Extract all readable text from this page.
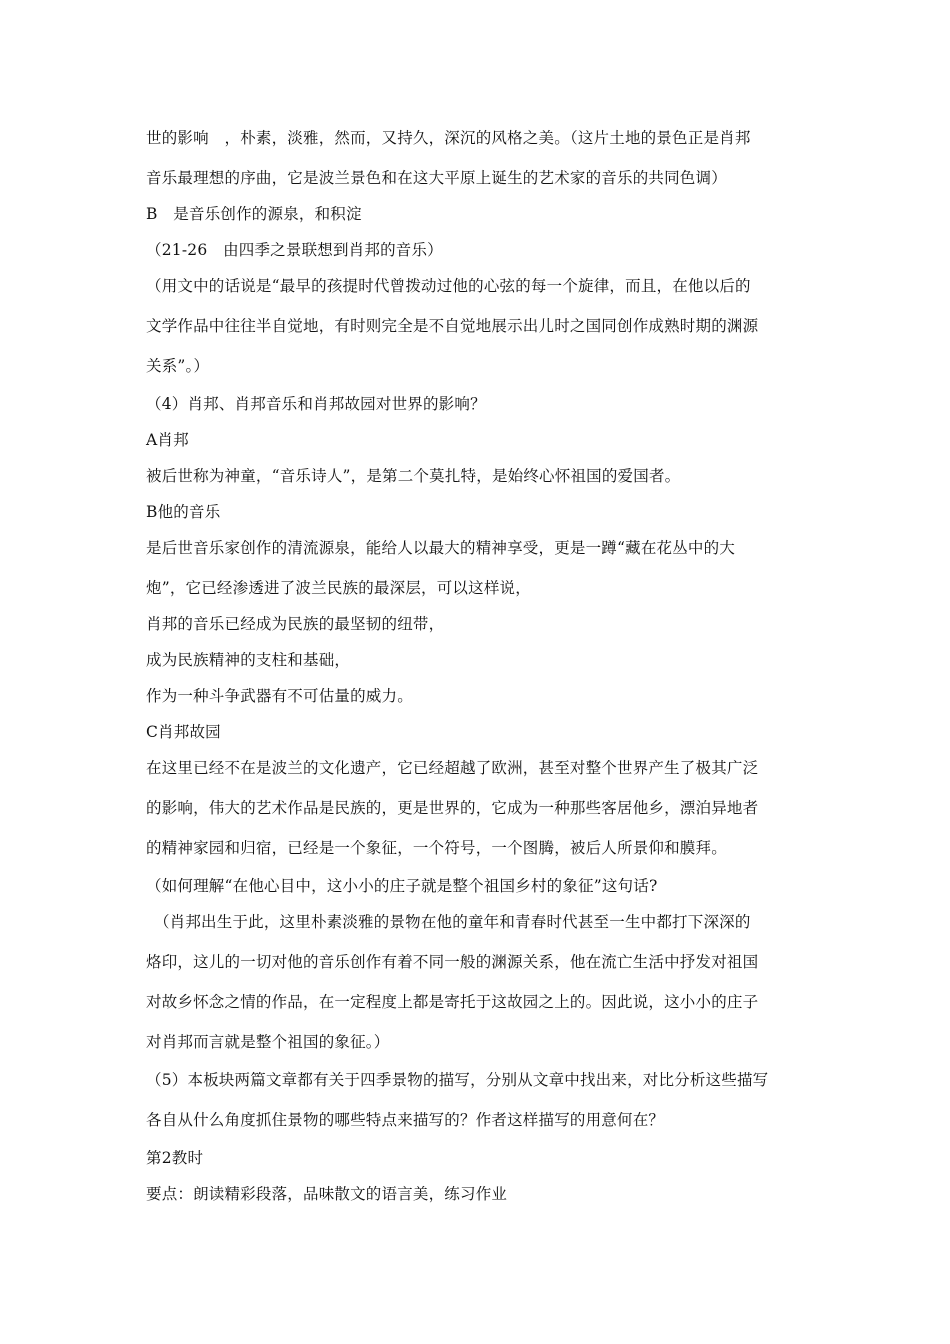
世的影响　，朴素，淡雅，然而，又持久，深沉的风格之美。（这片土地的景色正是肖邦
音乐最理想的序曲，它是波兰景色和在这大平原上诞生的艺术家的音乐的共同色调）
B　是音乐创作的源泉，和积淀
（21-26　由四季之景联想到肖邦的音乐）
（用文中的话说是“最早的孩提时代曾拨动过他的心弦的每一个旋律，而且，在他以后的
文学作品中往往半自觉地，有时则完全是不自觉地展示出儿时之国同创作成熟时期的渊源
关系”。）
（4）肖邦、肖邦音乐和肖邦故园对世界的影响？
A肖邦
被后世称为神童，“音乐诗人”，是第二个莫扎特，是始终心怀祖国的爱国者。
B他的音乐
是后世音乐家创作的清流源泉，能给人以最大的精神享受，更是一蹲“藏在花丛中的大
炮”，它已经渗透进了波兰民族的最深层，可以这样说，
肖邦的音乐已经成为民族的最坚韧的纽带，
成为民族精神的支柱和基础，
作为一种斗争武器有不可估量的威力。
C肖邦故园
在这里已经不在是波兰的文化遗产，它已经超越了欧洲，甚至对整个世界产生了极其广泛
的影响，伟大的艺术作品是民族的，更是世界的，它成为一种那些客居他乡，漂泊异地者
的精神家园和归宿，已经是一个象征，一个符号，一个图腾，被后人所景仰和膜拜。
（如何理解“在他心目中，这小小的庄子就是整个祖国乡村的象征”这句话?
　（肖邦出生于此，这里朴素淡雅的景物在他的童年和青春时代甚至一生中都打下深深的
烙印，这儿的一切对他的音乐创作有着不同一般的渊源关系，他在流亡生活中抒发对祖国
对故乡怀念之情的作品，在一定程度上都是寄托于这故园之上的。因此说，这小小的庄子
对肖邦而言就是整个祖国的象征。）
（5）本板块两篇文章都有关于四季景物的描写，分别从文章中找出来，对比分析这些描写
各自从什么角度抓住景物的哪些特点来描写的？作者这样描写的用意何在？
第2教时
要点：朗读精彩段落，品味散文的语言美，练习作业
